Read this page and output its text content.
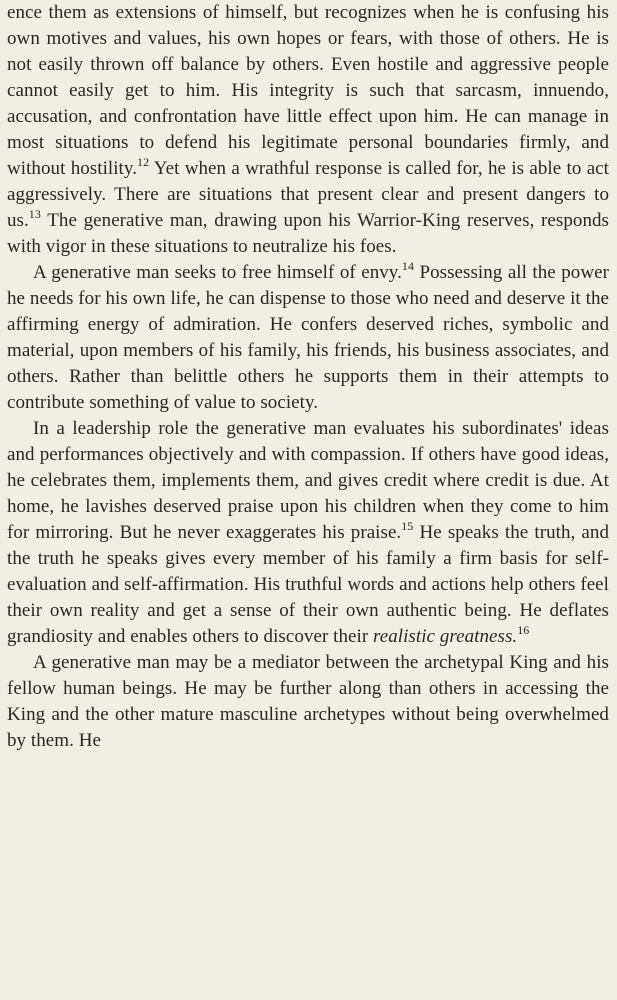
ence them as extensions of himself, but recognizes when he is confusing his own motives and values, his own hopes or fears, with those of others. He is not easily thrown off balance by others. Even hostile and aggressive people cannot easily get to him. His integrity is such that sarcasm, innuendo, accusation, and confrontation have little effect upon him. He can manage in most situations to defend his legitimate personal boundaries firmly, and without hostility.$^{12}$ Yet when a wrathful response is called for, he is able to act aggressively. There are situations that present clear and present dangers to us.$^{13}$ The generative man, drawing upon his Warrior-King reserves, responds with vigor in these situations to neutralize his foes.

A generative man seeks to free himself of envy.$^{14}$ Possessing all the power he needs for his own life, he can dispense to those who need and deserve it the affirming energy of admiration. He confers deserved riches, symbolic and material, upon members of his family, his friends, his business associates, and others. Rather than belittle others he supports them in their attempts to contribute something of value to society.

In a leadership role the generative man evaluates his subordinates' ideas and performances objectively and with compassion. If others have good ideas, he celebrates them, implements them, and gives credit where credit is due. At home, he lavishes deserved praise upon his children when they come to him for mirroring. But he never exaggerates his praise.$^{15}$ He speaks the truth, and the truth he speaks gives every member of his family a firm basis for self-evaluation and self-affirmation. His truthful words and actions help others feel their own reality and get a sense of their own authentic being. He deflates grandiosity and enables others to discover their realistic greatness.$^{16}$

A generative man may be a mediator between the archetypal King and his fellow human beings. He may be further along than others in accessing the King and the other mature masculine archetypes without being overwhelmed by them. He
